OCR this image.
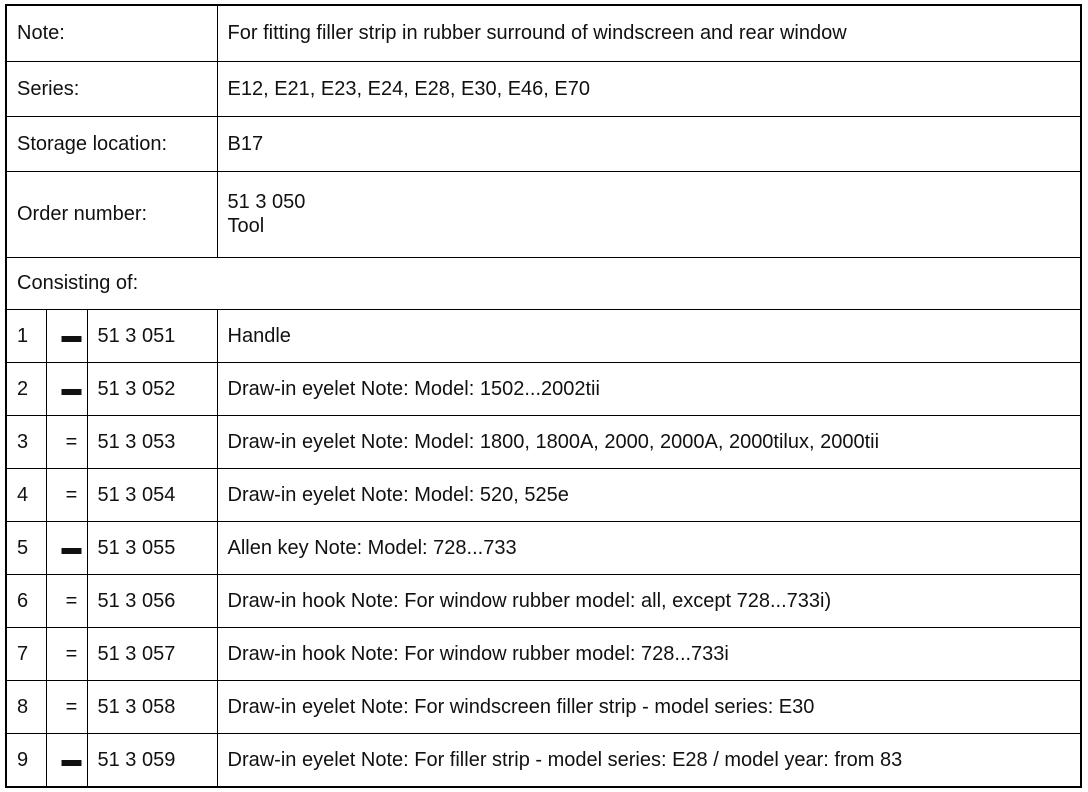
Note:			For fitting filler strip in rubber surround of windscreen and rear window
Series:			E12, E21, E23, E24, E28, E30, E46, E70
Storage location:			B17
Order number:			51 3 050
Tool

Consisting of:			
1	▬	51 3 051	Handle
2	▬	51 3 052	Draw-in eyelet Note: Model: 1502...2002tii
3	=	51 3 053	Draw-in eyelet Note: Model: 1800, 1800A, 2000, 2000A, 2000tilux, 2000tii
4	=	51 3 054	Draw-in eyelet Note: Model: 520, 525e
5	▬	51 3 055	Allen key Note: Model: 728...733
6	=	51 3 056	Draw-in hook Note: For window rubber model: all, except 728...733i)
7	=	51 3 057	Draw-in hook Note: For window rubber model: 728...733i
8	=	51 3 058	Draw-in eyelet Note: For windscreen filler strip - model series: E30
9	▬	51 3 059	Draw-in eyelet Note: For filler strip - model series: E28 / model year: from 83
